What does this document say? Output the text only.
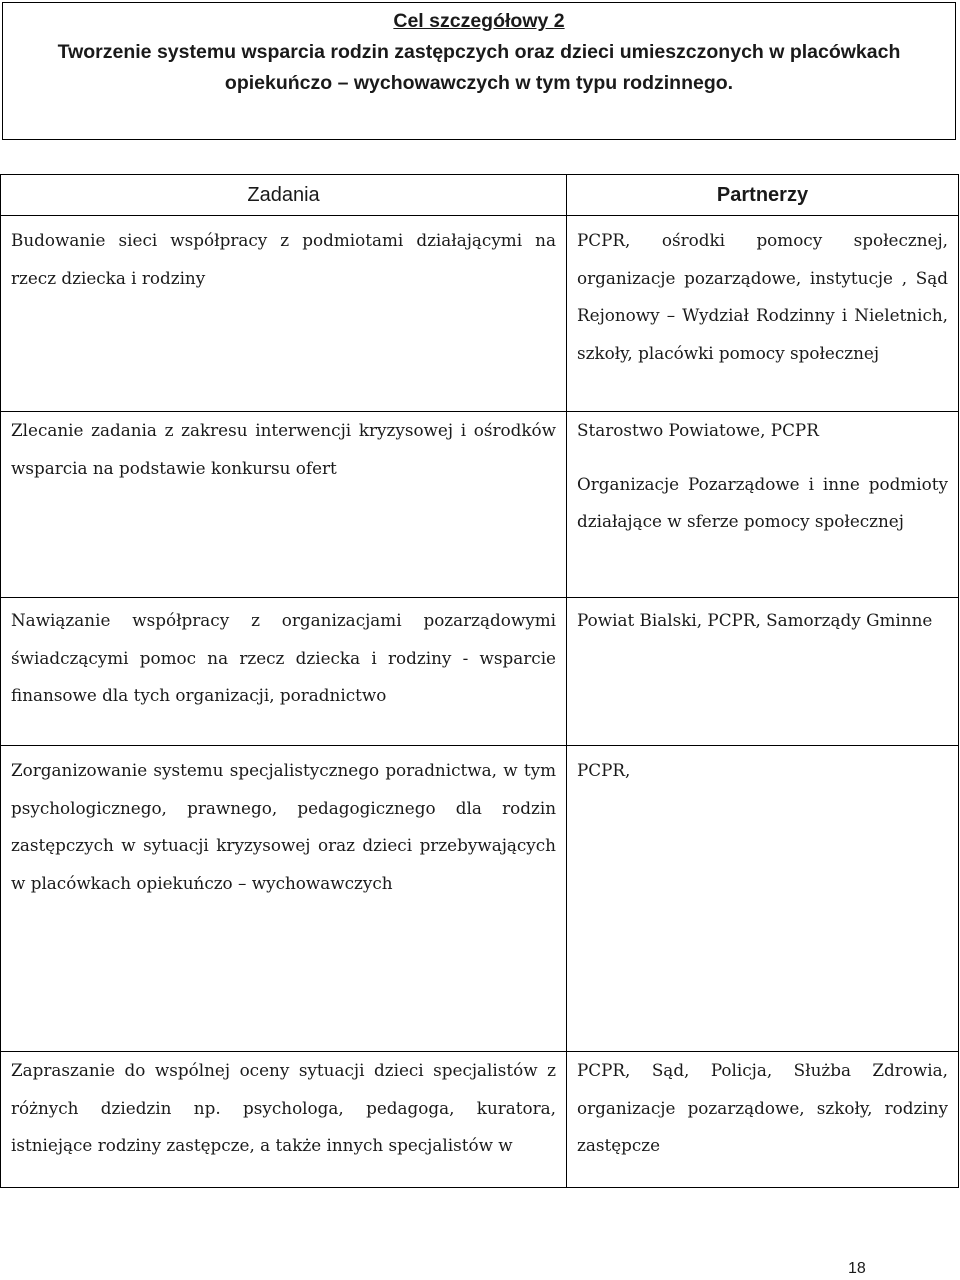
Cel szczegółowy 2
Tworzenie systemu wsparcia rodzin zastępczych oraz dzieci umieszczonych w placówkach
opiekuńczo – wychowawczych w tym typu rodzinnego.
Zadania	Partnerzy
Budowanie sieci współpracy z podmiotami działającymi na rzecz dziecka i rodziny	PCPR, ośrodki pomocy społecznej, organizacje pozarządowe, instytucje , Sąd Rejonowy – Wydział Rodzinny i Nieletnich, szkoły, placówki pomocy społecznej

Zlecanie zadania z zakresu interwencji kryzysowej i ośrodków wsparcia na podstawie konkursu ofert	Starostwo Powiatowe, PCPR

Organizacje Pozarządowe i inne podmioty działające w sferze pomocy społecznej

Nawiązanie współpracy z organizacjami pozarządowymi świadczącymi pomoc na rzecz dziecka i rodziny - wsparcie finansowe dla tych organizacji, poradnictwo	Powiat Bialski, PCPR, Samorządy Gminne

Zorganizowanie systemu specjalistycznego poradnictwa, w tym psychologicznego, prawnego, pedagogicznego dla rodzin zastępczych w sytuacji kryzysowej oraz dzieci przebywających w placówkach opiekuńczo – wychowawczych	PCPR,

Zapraszanie do wspólnej oceny sytuacji dzieci specjalistów z różnych dziedzin np. psychologa, pedagoga, kuratora, istniejące rodziny zastępcze, a także innych specjalistów w	PCPR, Sąd, Policja, Służba Zdrowia, organizacje pozarządowe, szkoły, rodziny zastępcze

18
